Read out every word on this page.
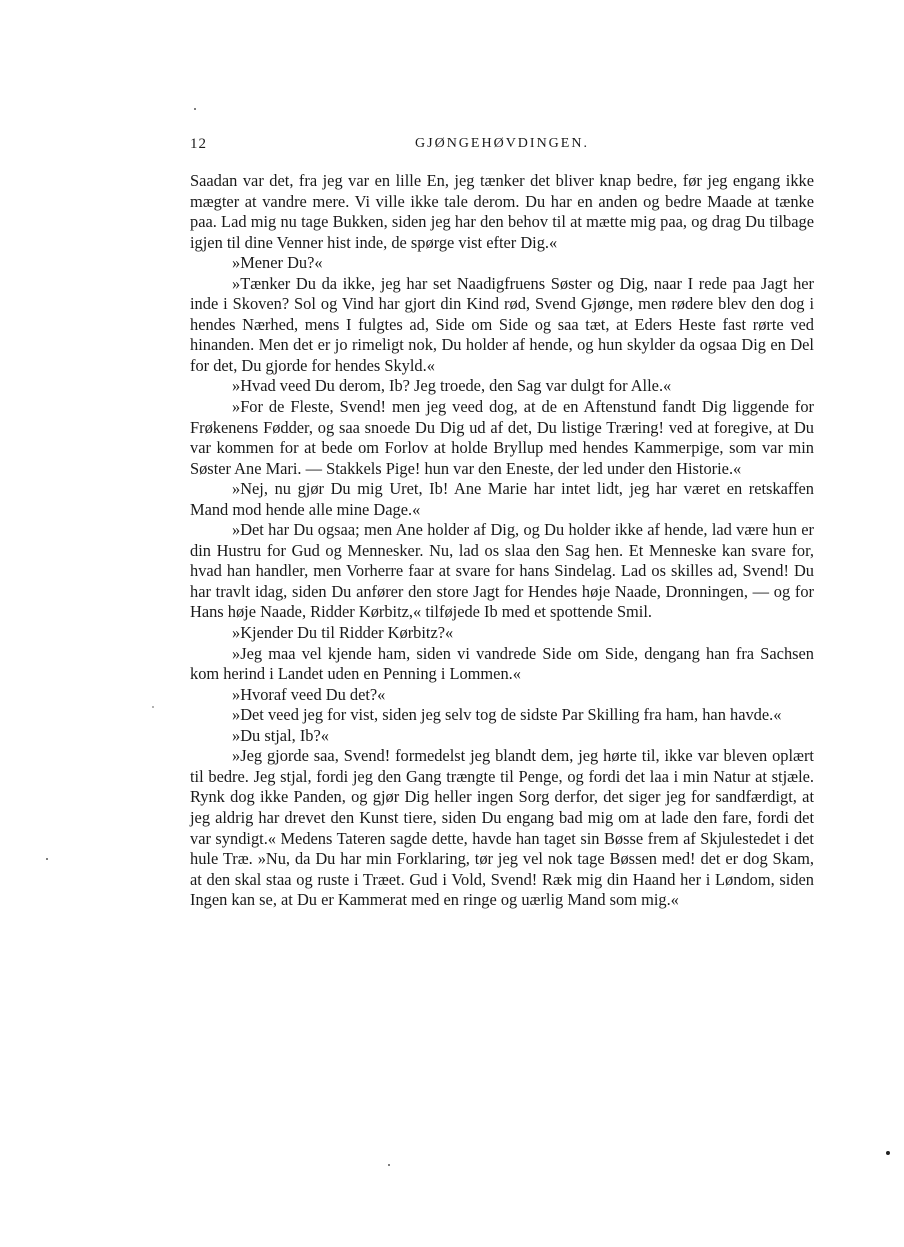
12	GJØNGEHØVDINGEN.

Saadan var det, fra jeg var en lille En, jeg tænker det bliver knap bedre, før jeg engang ikke mægter at vandre mere. Vi ville ikke tale derom. Du har en anden og bedre Maade at tænke paa. Lad mig nu tage Bukken, siden jeg har den behov til at mætte mig paa, og drag Du tilbage igjen til dine Venner hist inde, de spørge vist efter Dig.«

»Mener Du?«

»Tænker Du da ikke, jeg har set Naadigfruens Søster og Dig, naar I rede paa Jagt her inde i Skoven? Sol og Vind har gjort din Kind rød, Svend Gjønge, men rødere blev den dog i hendes Nærhed, mens I fulgtes ad, Side om Side og saa tæt, at Eders Heste fast rørte ved hinanden. Men det er jo rimeligt nok, Du holder af hende, og hun skylder da ogsaa Dig en Del for det, Du gjorde for hendes Skyld.«

»Hvad veed Du derom, Ib? Jeg troede, den Sag var dulgt for Alle.«

»For de Fleste, Svend! men jeg veed dog, at de en Aftenstund fandt Dig liggende for Frøkenens Fødder, og saa snoede Du Dig ud af det, Du listige Træring! ved at foregive, at Du var kommen for at bede om Forlov at holde Bryllup med hendes Kammerpige, som var min Søster Ane Mari. — Stakkels Pige! hun var den Eneste, der led under den Historie.«

»Nej, nu gjør Du mig Uret, Ib! Ane Marie har intet lidt, jeg har været en retskaffen Mand mod hende alle mine Dage.«

»Det har Du ogsaa; men Ane holder af Dig, og Du holder ikke af hende, lad være hun er din Hustru for Gud og Mennesker. Nu, lad os slaa den Sag hen. Et Menneske kan svare for, hvad han handler, men Vorherre faar at svare for hans Sindelag. Lad os skilles ad, Svend! Du har travlt idag, siden Du anfører den store Jagt for Hendes høje Naade, Dronningen, — og for Hans høje Naade, Ridder Kørbitz,« tilføjede Ib med et spottende Smil.

»Kjender Du til Ridder Kørbitz?«

»Jeg maa vel kjende ham, siden vi vandrede Side om Side, dengang han fra Sachsen kom herind i Landet uden en Penning i Lommen.«

»Hvoraf veed Du det?«

»Det veed jeg for vist, siden jeg selv tog de sidste Par Skilling fra ham, han havde.«

»Du stjal, Ib?«

»Jeg gjorde saa, Svend! formedelst jeg blandt dem, jeg hørte til, ikke var bleven oplært til bedre. Jeg stjal, fordi jeg den Gang trængte til Penge, og fordi det laa i min Natur at stjæle. Rynk dog ikke Panden, og gjør Dig heller ingen Sorg derfor, det siger jeg for sandfærdigt, at jeg aldrig har drevet den Kunst tiere, siden Du engang bad mig om at lade den fare, fordi det var syndigt.« Medens Tateren sagde dette, havde han taget sin Bøsse frem af Skjulestedet i det hule Træ. »Nu, da Du har min Forklaring, tør jeg vel nok tage Bøssen med! det er dog Skam, at den skal staa og ruste i Træet. Gud i Vold, Svend! Ræk mig din Haand her i Løndom, siden Ingen kan se, at Du er Kammerat med en ringe og uærlig Mand som mig.«
